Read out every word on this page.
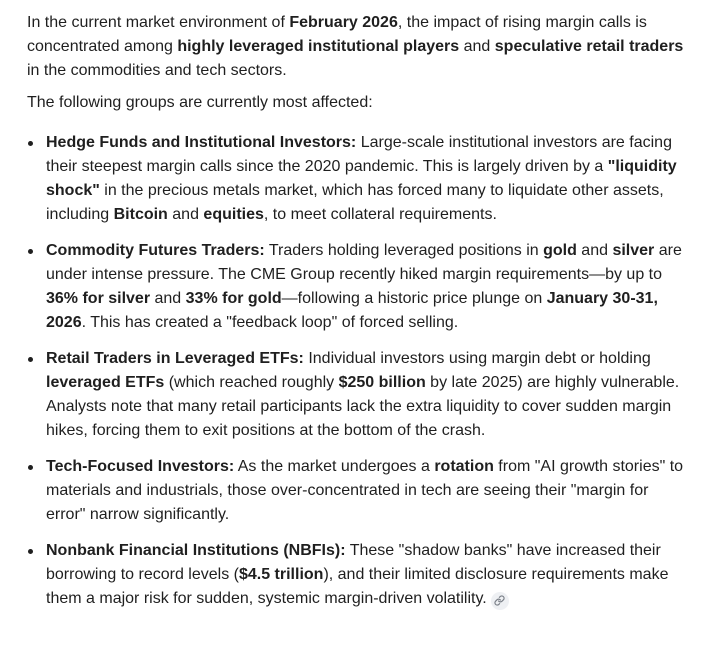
In the current market environment of February 2026, the impact of rising margin calls is concentrated among highly leveraged institutional players and speculative retail traders in the commodities and tech sectors.

The following groups are currently most affected:

Hedge Funds and Institutional Investors: Large-scale institutional investors are facing their steepest margin calls since the 2020 pandemic. This is largely driven by a "liquidity shock" in the precious metals market, which has forced many to liquidate other assets, including Bitcoin and equities, to meet collateral requirements.
Commodity Futures Traders: Traders holding leveraged positions in gold and silver are under intense pressure. The CME Group recently hiked margin requirements—by up to 36% for silver and 33% for gold—following a historic price plunge on January 30-31, 2026. This has created a "feedback loop" of forced selling.
Retail Traders in Leveraged ETFs: Individual investors using margin debt or holding leveraged ETFs (which reached roughly $250 billion by late 2025) are highly vulnerable. Analysts note that many retail participants lack the extra liquidity to cover sudden margin hikes, forcing them to exit positions at the bottom of the crash.
Tech-Focused Investors: As the market undergoes a rotation from "AI growth stories" to materials and industrials, those over-concentrated in tech are seeing their "margin for error" narrow significantly.
Nonbank Financial Institutions (NBFIs): These "shadow banks" have increased their borrowing to record levels ($4.5 trillion), and their limited disclosure requirements make them a major risk for sudden, systemic margin-driven volatility.
